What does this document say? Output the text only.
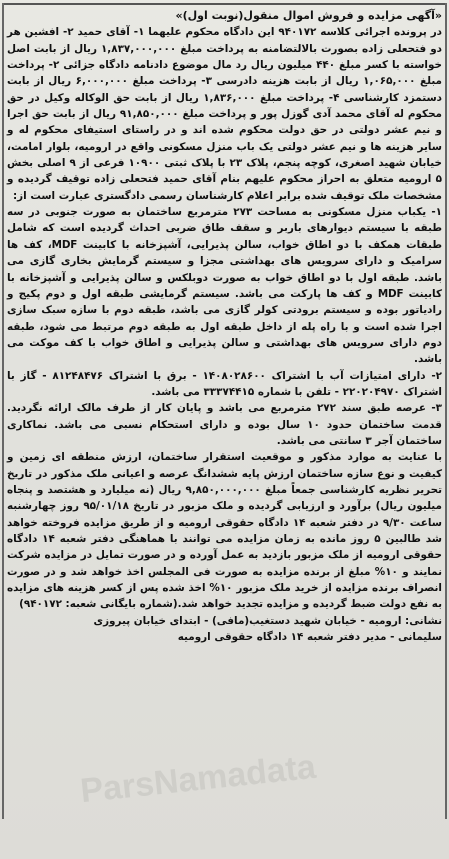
«آگهی مزایده و فروش اموال منقول(نوبت اول)»

در پرونده اجرائی کلاسه ۹۴۰۱۷۲ این دادگاه محکوم علیهما ۱- آقای حمید ۲- افشین هر دو فتحعلی زاده بصورت بالالتضامنه به پرداخت مبلغ ۱,۸۳۷,۰۰۰,۰۰۰ ریال از بابت اصل خواسته با کسر مبلغ ۴۴۰ میلیون ریال رد مال موضوع دادنامه دادگاه جزائی ۲- پرداخت مبلغ ۱,۰۶۵,۰۰۰ ریال از بابت هزینه دادرسی ۳- پرداخت مبلغ ۶,۰۰۰,۰۰۰ ریال از بابت دستمزد کارشناسی ۴- پرداخت مبلغ ۱,۸۳۶,۰۰۰ ریال از بابت حق الوکاله وکیل در حق محکوم له آقای محمد آدی گوزل پور و پرداخت مبلغ ۹۱,۸۵۰,۰۰۰ ریال از بابت حق اجرا و نیم عشر دولتی در حق دولت محکوم شده اند و در راستای استیفای محکوم له و سایر هزینه ها و نیم عشر دولتی یک باب منزل مسکونی واقع در ارومیه، بلوار امامت، خیابان شهید اصغری، کوچه پنجم، پلاک ۲۳ با پلاک ثبتی ۱۰۹۰۰ فرعی از ۹ اصلی بخش ۵ ارومیه متعلق به احراز محکوم علیهم بنام آقای حمید فتحعلی زاده توقیف گردیده و مشخصات ملک توقیف شده برابر اعلام کارشناسان رسمی دادگستری عبارت است از:

۱- یکباب منزل مسکونی به مساحت ۲۷۳ مترمربع ساختمان به صورت جنوبی در سه طبقه با سیستم دیوارهای باربر و سقف طاق ضربی احداث گردیده است که شامل طبقات همکف با دو اطاق خواب، سالن پذیرایی، آشپزخانه با کابینت MDF، کف ها سرامیک و دارای سرویس های بهداشتی مجزا و سیستم گرمایش بخاری گازی می باشد. طبقه اول با دو اطاق خواب به صورت دوبلکس و سالن پذیرایی و آشپزخانه با کابینت MDF و کف ها پارکت می باشد. سیستم گرمایشی طبقه اول و دوم پکیج و رادیاتور بوده و سیستم برودتی کولر گازی می باشد، طبقه دوم با سازه سبک سازی اجرا شده است و با راه پله از داخل طبقه اول به طبقه دوم مرتبط می شود، طبقه دوم دارای سرویس های بهداشتی و سالن پذیرایی و اطاق خواب با کف موکت می باشد.

۲- دارای امتیازات آب با اشتراک ۱۴۰۸۰۲۸۶۰۰ - برق با اشتراک ۸۱۲۴۸۴۷۶ - گاز با اشتراک ۲۲۰۲۰۴۹۷۰ - تلفن با شماره ۳۳۳۷۴۴۱۵ می باشد.

۳- عرصه طبق سند ۲۷۲ مترمربع می باشد و پایان کار از طرف مالک ارائه نگردید. قدمت ساختمان حدود ۱۰ سال بوده و دارای استحکام نسبی می باشد. نماکاری ساختمان آجر ۳ سانتی می باشد.

با عنایت به موارد مذکور و موقعیت استقرار ساختمان، ارزش منطقه ای زمین و کیفیت و نوع سازه ساختمان ارزش پایه ششدانگ عرصه و اعیانی ملک مذکور در تاریخ تحریر نظریه کارشناسی جمعاً مبلغ ۹,۸۵۰,۰۰۰,۰۰۰ ریال (نه میلیارد و هشتصد و پنجاه میلیون ریال) برآورد و ارزیابی گردیده و ملک مزبور در تاریخ ۹۵/۰۱/۱۸ روز چهارشنبه ساعت ۹/۳۰ در دفتر شعبه ۱۴ دادگاه حقوقی ارومیه و از طریق مزایده فروخته خواهد شد طالبین ۵ روز مانده به زمان مزایده می توانند با هماهنگی دفتر شعبه ۱۴ دادگاه حقوقی ارومیه از ملک مزبور بازدید به عمل آورده و در صورت تمایل در مزایده شرکت نمایند و ۱۰% مبلغ از برنده مزایده به صورت فی المجلس اخذ خواهد شد و در صورت انصراف برنده مزایده از خرید ملک مزبور ۱۰% اخذ شده پس از کسر هزینه های مزایده به نفع دولت ضبط گردیده و مزایده تجدید خواهد شد.(شماره بایگانی شعبه: ۹۴۰۱۷۲)

نشانی: ارومیه - خیابان شهید دستغیب(مافی) - ابتدای خیابان پیروزی

سلیمانی - مدیر دفتر شعبه ۱۴ دادگاه حقوقی ارومیه

ParsNamadata
